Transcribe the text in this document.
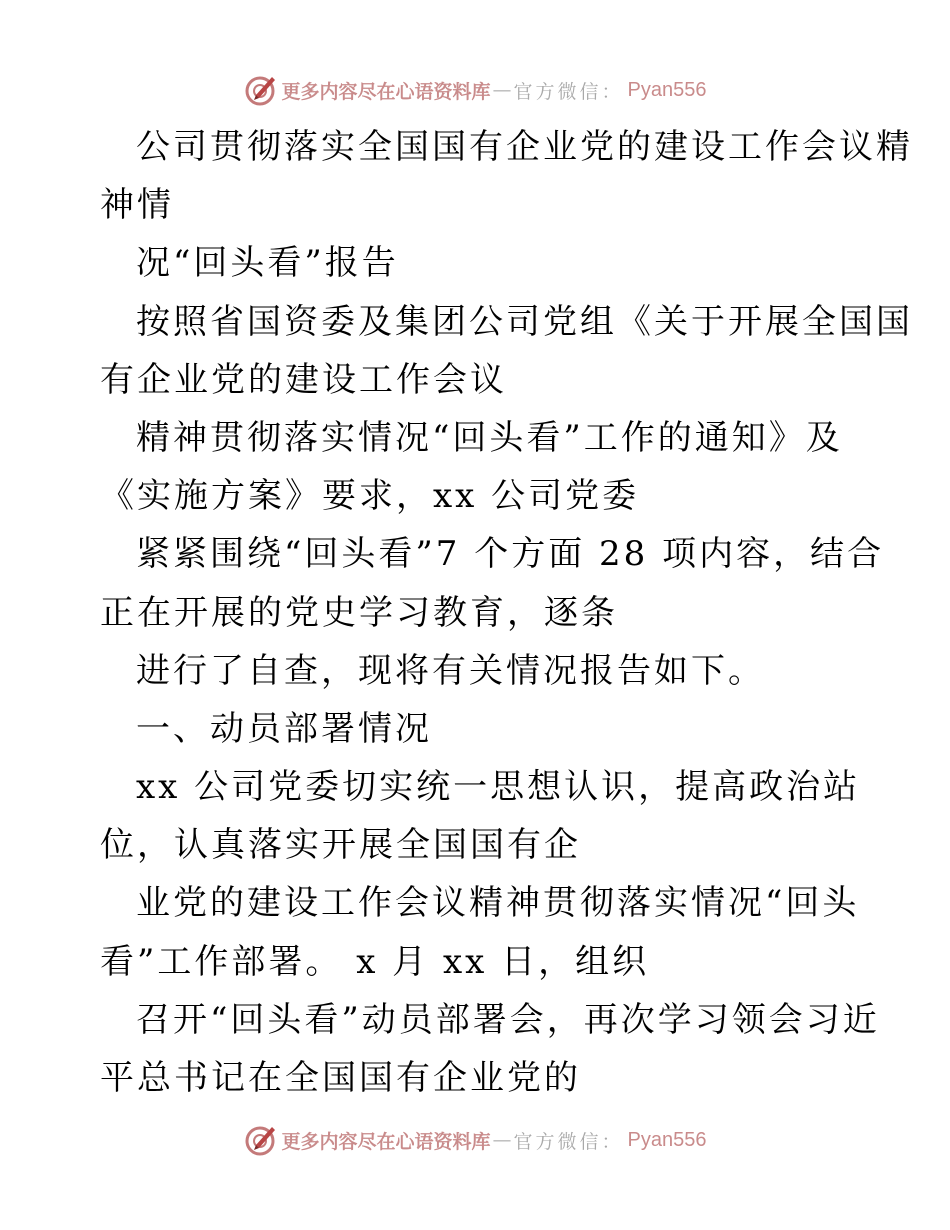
更多内容尽在心语资料库 — 官方微信： Pyan556
公司贯彻落实全国国有企业党的建设工作会议精
神情
况“回头看”报告
按照省国资委及集团公司党组《关于开展全国国
有企业党的建设工作会议
精神贯彻落实情况“回头看”工作的通知》及
《实施方案》要求，xx 公司党委
紧紧围绕“回头看”7 个方面 28 项内容，结合
正在开展的党史学习教育，逐条
进行了自查，现将有关情况报告如下。
一、动员部署情况
xx 公司党委切实统一思想认识，提高政治站
位，认真落实开展全国国有企
业党的建设工作会议精神贯彻落实情况“回头
看”工作部署。 x 月 xx 日，组织
召开“回头看”动员部署会，再次学习领会习近
平总书记在全国国有企业党的
更多内容尽在心语资料库 — 官方微信： Pyan556
